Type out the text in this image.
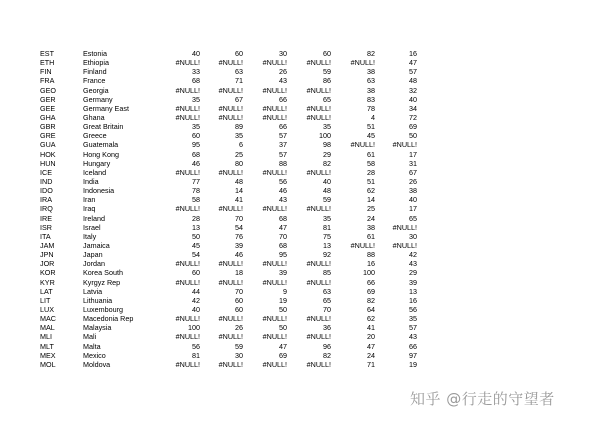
EST	Estonia	40	60	30	60	82	16
ETH	Ethiopia	#NULL!	#NULL!	#NULL!	#NULL!	#NULL!	47
FIN	Finland	33	63	26	59	38	57
FRA	France	68	71	43	86	63	48
GEO	Georgia	#NULL!	#NULL!	#NULL!	#NULL!	38	32
GER	Germany	35	67	66	65	83	40
GEE	Germany East	#NULL!	#NULL!	#NULL!	#NULL!	78	34
GHA	Ghana	#NULL!	#NULL!	#NULL!	#NULL!	4	72
GBR	Great Britain	35	89	66	35	51	69
GRE	Greece	60	35	57	100	45	50
GUA	Guatemala	95	6	37	98	#NULL!	#NULL!
HOK	Hong Kong	68	25	57	29	61	17
HUN	Hungary	46	80	88	82	58	31
ICE	Iceland	#NULL!	#NULL!	#NULL!	#NULL!	28	67
IND	India	77	48	56	40	51	26
IDO	Indonesia	78	14	46	48	62	38
IRA	Iran	58	41	43	59	14	40
IRQ	Iraq	#NULL!	#NULL!	#NULL!	#NULL!	25	17
IRE	Ireland	28	70	68	35	24	65
ISR	Israel	13	54	47	81	38	#NULL!
ITA	Italy	50	76	70	75	61	30
JAM	Jamaica	45	39	68	13	#NULL!	#NULL!
JPN	Japan	54	46	95	92	88	42
JOR	Jordan	#NULL!	#NULL!	#NULL!	#NULL!	16	43
KOR	Korea South	60	18	39	85	100	29
KYR	Kyrgyz Rep	#NULL!	#NULL!	#NULL!	#NULL!	66	39
LAT	Latvia	44	70	9	63	69	13
LIT	Lithuania	42	60	19	65	82	16
LUX	Luxembourg	40	60	50	70	64	56
MAC	Macedonia Rep	#NULL!	#NULL!	#NULL!	#NULL!	62	35
MAL	Malaysia	100	26	50	36	41	57
MLI	Mali	#NULL!	#NULL!	#NULL!	#NULL!	20	43
MLT	Malta	56	59	47	96	47	66
MEX	Mexico	81	30	69	82	24	97
MOL	Moldova	#NULL!	#NULL!	#NULL!	#NULL!	71	19
知乎 @行走的守望者
